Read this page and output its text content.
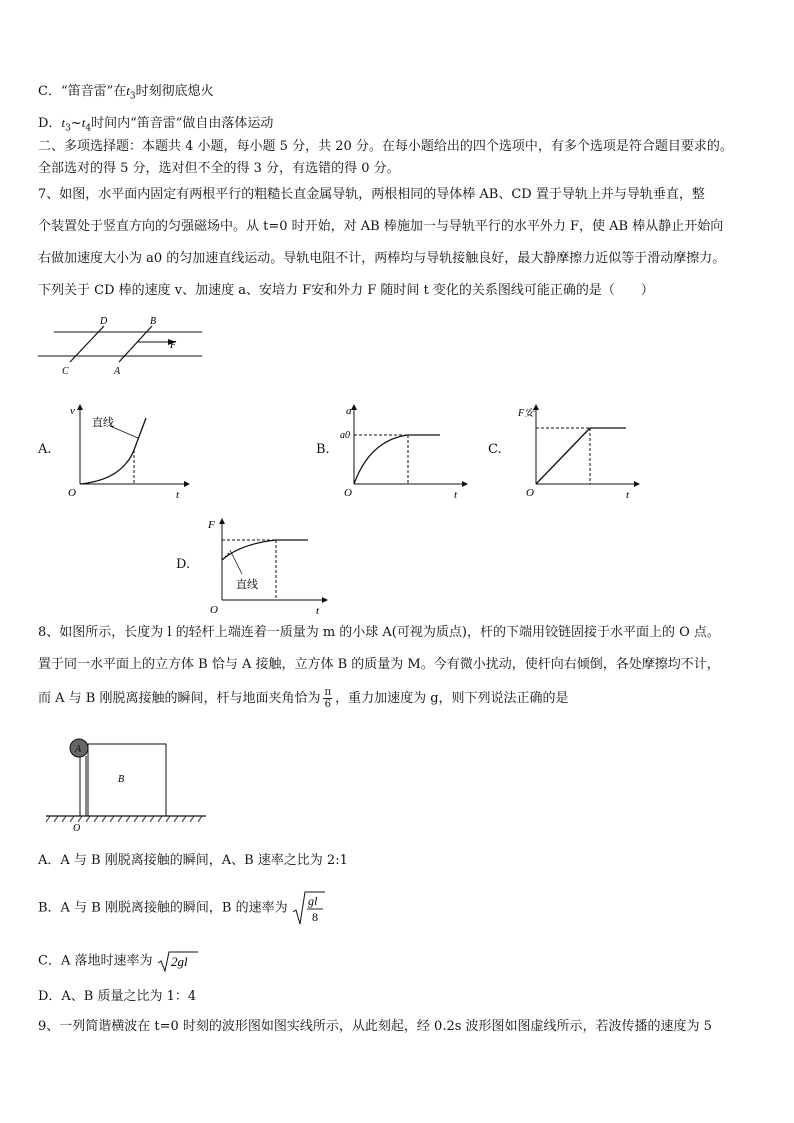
C．“笛音雷”在$t_3$时刻彻底熄火
D．$t_3\sim t_4$时间内“笛音雷”做自由落体运动
二、多项选择题：本题共 4 小题，每小题 5 分，共 20 分。在每小题给出的四个选项中，有多个选项是符合题目要求的。
全部选对的得 5 分，选对但不全的得 3 分，有选错的得 0 分。
7、如图，水平面内固定有两根平行的粗糙长直金属导轨，两根相同的导体棒 AB、CD 置于导轨上并与导轨垂直，整
个装置处于竖直方向的匀强磁场中。从 t=0 时开始，对 AB 棒施加一与导轨平行的水平外力 F，使 AB 棒从静止开始向
右做加速度大小为 a0 的匀加速直线运动。导轨电阻不计，两棒均与导轨接触良好，最大静摩擦力近似等于滑动摩擦力。
下列关于 CD 棒的速度 v、加速度 a、安培力 F安和外力 F 随时间 t 变化的关系图线可能正确的是（　　）
D	B
C	A
F
A.
v
t
O
直线
B.
a
a0
t
O
C.
F安
t
O
D.
F
t
O
直线
8、如图所示，长度为 l 的轻杆上端连着一质量为 m 的小球 A(可视为质点)，杆的下端用铰链固接于水平面上的 O 点。
置于同一水平面上的立方体 B 恰与 A 接触，立方体 B 的质量为 M。今有微小扰动，使杆向右倾倒，各处摩擦均不计，
而 A 与 B 刚脱离接触的瞬间，杆与地面夹角恰为 $\frac{\pi}{6}$ ，重力加速度为 g，则下列说法正确的是
A
B
O
A．A 与 B 刚脱离接触的瞬间，A、B 速率之比为 2:1
B．A 与 B 刚脱离接触的瞬间，B 的速率为 gl
8
C．A 落地时速率为 2gl
D．A、B 质量之比为 1：4
9、一列简谐横波在 t=0 时刻的波形图如图实线所示，从此刻起，经 0.2s 波形图如图虚线所示，若波传播的速度为 5
